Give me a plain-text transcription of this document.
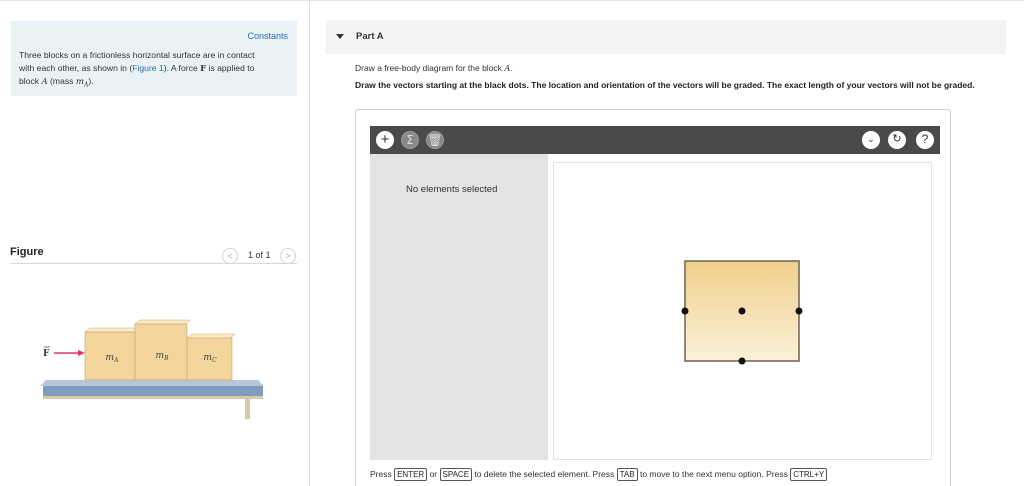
Constants
Three blocks on a frictionless horizontal surface are in contact
with each other, as shown in (Figure 1). A force F is applied to
block A (mass $m_A$).
Figure	<	1 of 1	>
$m_A$	$m_B$	$m_C$
F
Part A
Draw a free-body diagram for the block A.
Draw the vectors starting at the black dots. The location and orientation of the vectors will be graded. The exact length of your vectors will not be graded.
+	Σ	🗑	⌄	↻	?
No elements selected
Press ENTER or SPACE to delete the selected element. Press TAB to move to the next menu option. Press CTRL+Y
